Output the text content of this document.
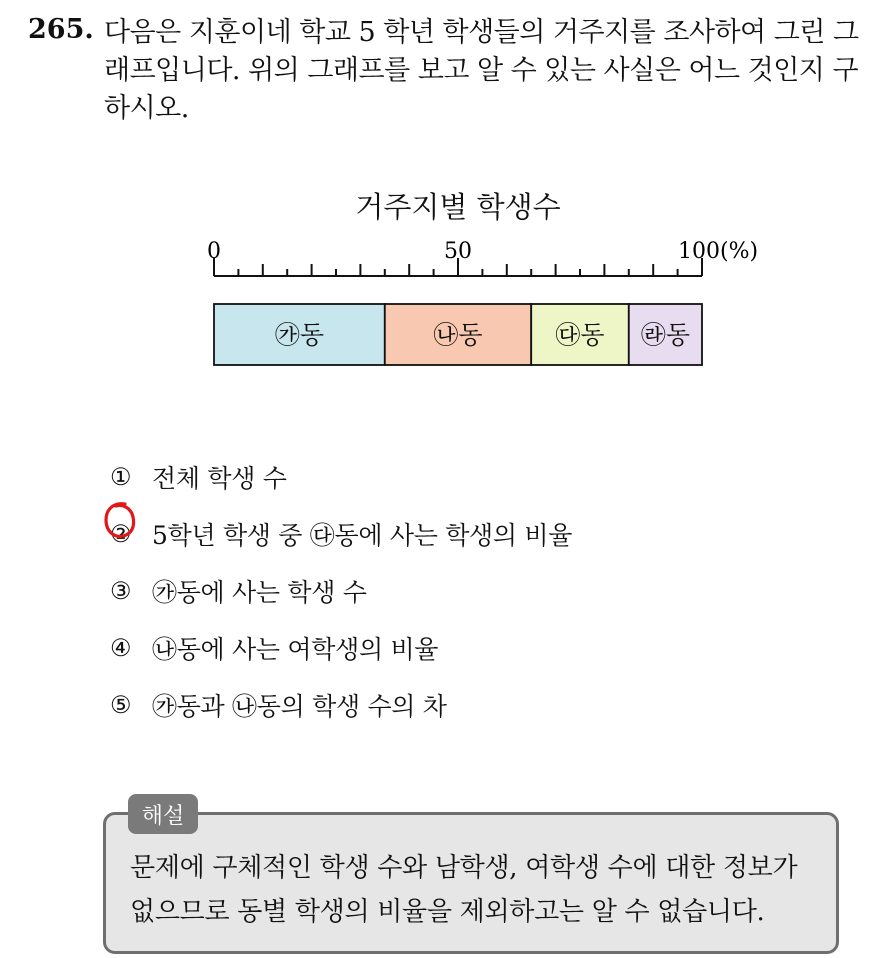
265. 다음은 지훈이네 학교 5 학년 학생들의 거주지를 조사하여 그린 그래프입니다. 위의 그래프를 보고 알 수 있는 사실은 어느 것인지 구하시오.
거주지별 학생수
0	50	100(%)
㉮동	㉯동	㉰동 ㉱동
① 전체 학생 수
② 5학년 학생 중 ㉰동에 사는 학생의 비율
③ ㉮동에 사는 학생 수
④ ㉯동에 사는 여학생의 비율
⑤ ㉮동과 ㉯동의 학생 수의 차
해설
문제에 구체적인 학생 수와 남학생, 여학생 수에 대한 정보가 없으므로 동별 학생의 비율을 제외하고는 알 수 없습니다.
